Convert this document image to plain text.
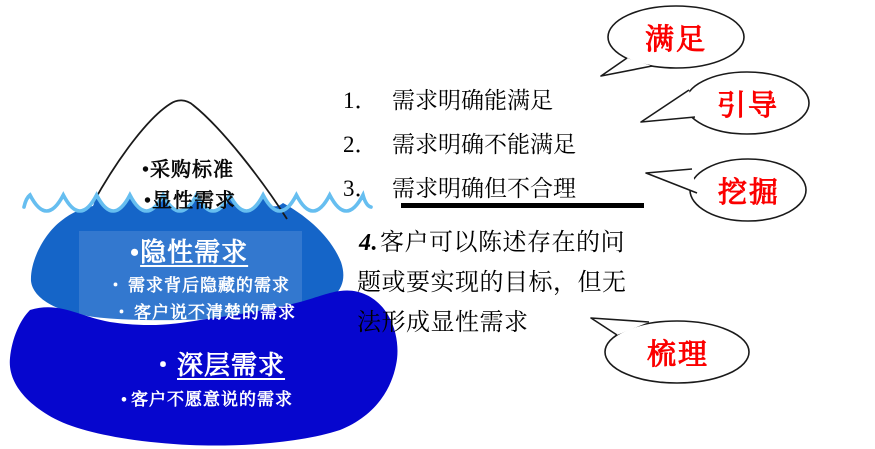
•采购标准
•显性需求
•隐性需求
・ 需求背后隐藏的需求
・ 客户说不清楚的需求
・深层需求
• 客户不愿意说的需求
1． 需求明确能满足
2． 需求明确不能满足
3． 需求明确但不合理
4.客户可以陈述存在的问
题或要实现的目标，但无
法形成显性需求
满足
引导
挖掘
梳理
